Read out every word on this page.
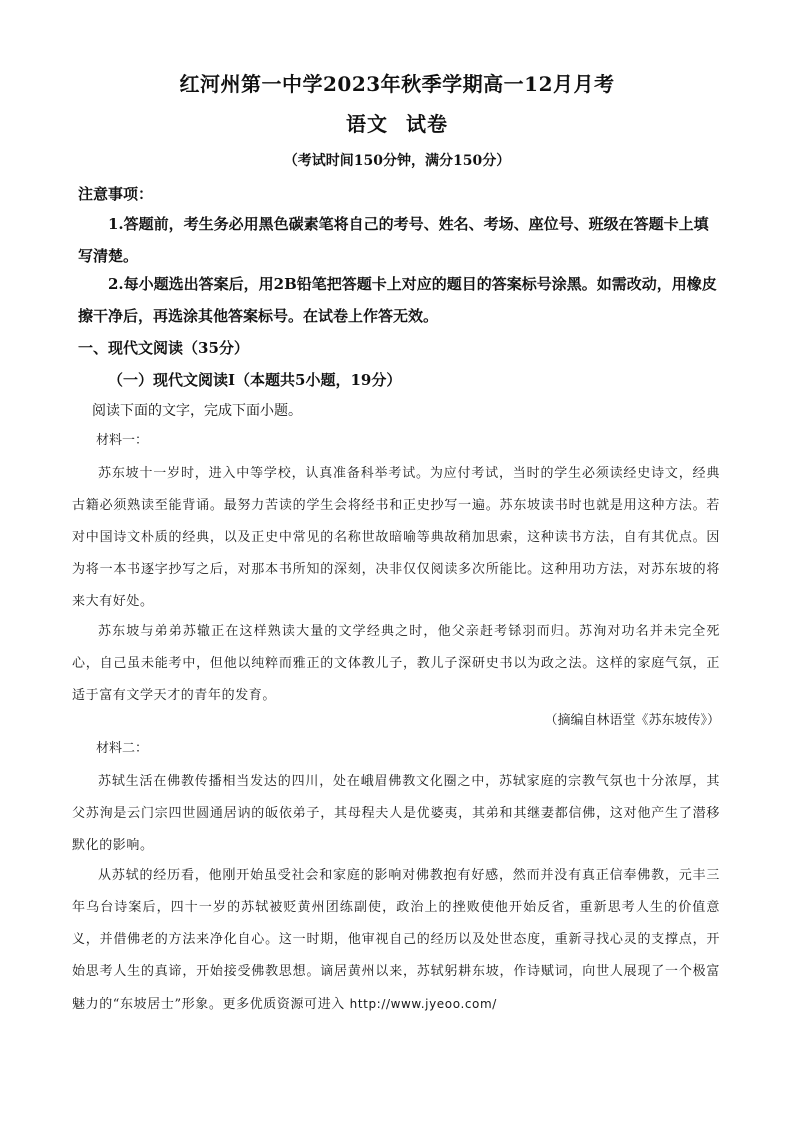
红河州第一中学2023年秋季学期高一12月月考
语文 试卷
（考试时间150分钟，满分150分）
注意事项：
1.答题前，考生务必用黑色碳素笔将自己的考号、姓名、考场、座位号、班级在答题卡上填写清楚。
2.每小题选出答案后，用2B铅笔把答题卡上对应的题目的答案标号涂黑。如需改动，用橡皮擦干净后，再选涂其他答案标号。在试卷上作答无效。
一、现代文阅读（35分）
（一）现代文阅读Ⅰ（本题共5小题，19分）
阅读下面的文字，完成下面小题。
材料一：
苏东坡十一岁时，进入中等学校，认真准备科举考试。为应付考试，当时的学生必须读经史诗文，经典古籍必须熟读至能背诵。最努力苦读的学生会将经书和正史抄写一遍。苏东坡读书时也就是用这种方法。若对中国诗文朴质的经典，以及正史中常见的名称世故暗喻等典故稍加思索，这种读书方法，自有其优点。因为将一本书逐字抄写之后，对那本书所知的深刻，决非仅仅阅读多次所能比。这种用功方法，对苏东坡的将来大有好处。
苏东坡与弟弟苏辙正在这样熟读大量的文学经典之时，他父亲赶考铩羽而归。苏洵对功名并未完全死心，自己虽未能考中，但他以纯粹而雅正的文体教儿子，教儿子深研史书以为政之法。这样的家庭气氛，正适于富有文学天才的青年的发育。
（摘编自林语堂《苏东坡传》）
材料二：
苏轼生活在佛教传播相当发达的四川，处在峨眉佛教文化圈之中，苏轼家庭的宗教气氛也十分浓厚，其父苏洵是云门宗四世圆通居讷的皈依弟子，其母程夫人是优婆夷，其弟和其继妻都信佛，这对他产生了潜移默化的影响。
从苏轼的经历看，他刚开始虽受社会和家庭的影响对佛教抱有好感，然而并没有真正信奉佛教，元丰三年乌台诗案后，四十一岁的苏轼被贬黄州团练副使，政治上的挫败使他开始反省，重新思考人生的价值意义，并借佛老的方法来净化自心。这一时期，他审视自己的经历以及处世态度，重新寻找心灵的支撑点，开始思考人生的真谛，开始接受佛教思想。谪居黄州以来，苏轼躬耕东坡，作诗赋词，向世人展现了一个极富魅力的“东坡居士”形象。更多优质资源可进入 http://www.jyeoo.com/
